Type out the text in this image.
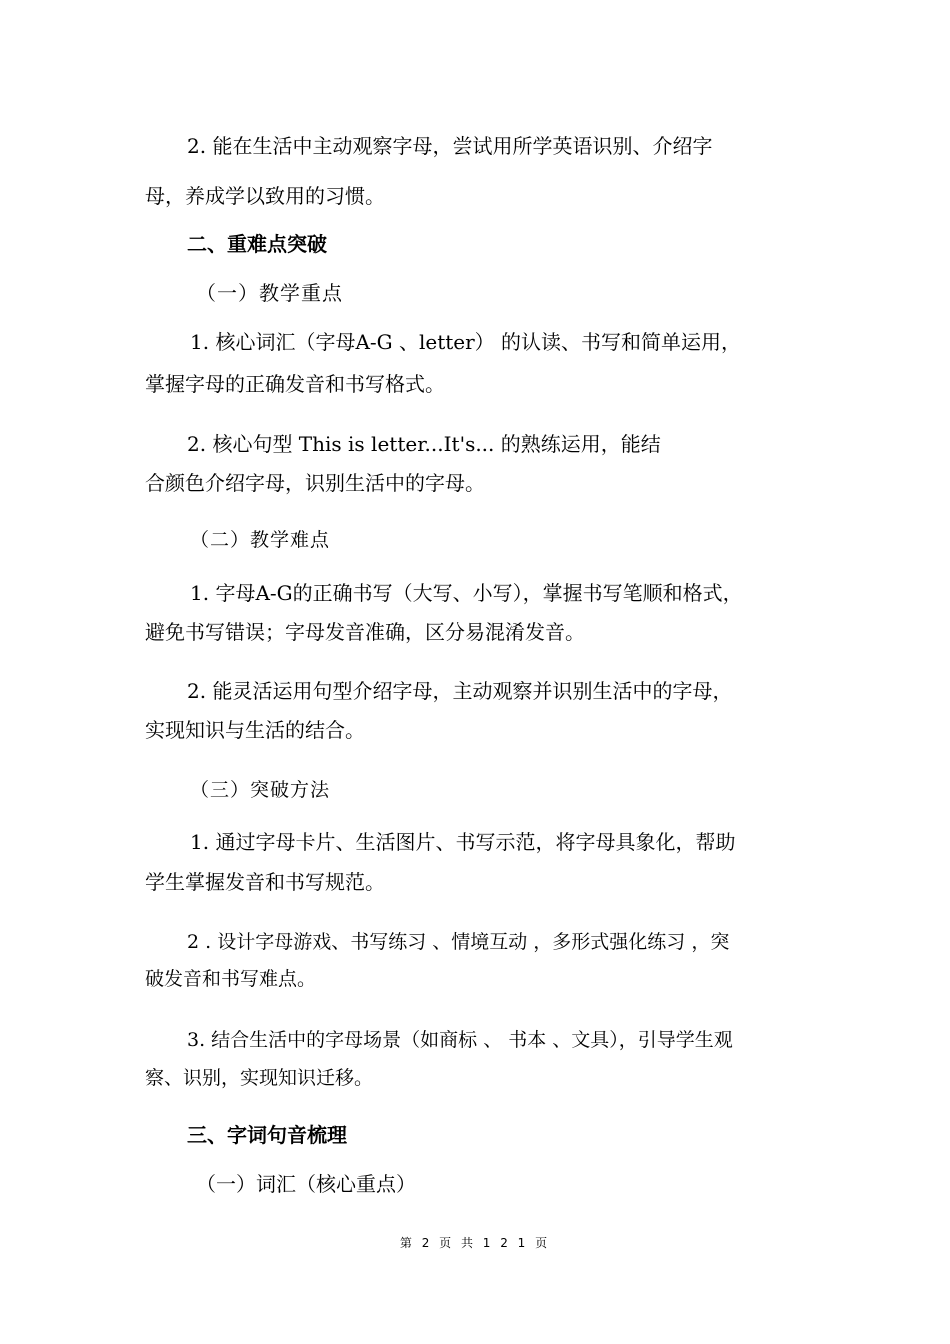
2. 能在生活中主动观察字母，尝试用所学英语识别、介绍字

母，养成学以致用的习惯。

二、重难点突破

（一）教学重点

1. 核心词汇（字母A-G 、letter） 的认读、书写和简单运用，

掌握字母的正确发音和书写格式。

2. 核心句型 This is letter...It's... 的熟练运用，能结

合颜色介绍字母，识别生活中的字母。

（二）教学难点

1. 字母A-G的正确书写（大写、小写），掌握书写笔顺和格式，

避免书写错误；字母发音准确，区分易混淆发音。

2. 能灵活运用句型介绍字母，主动观察并识别生活中的字母，

实现知识与生活的结合。

（三）突破方法

1. 通过字母卡片、生活图片、书写示范，将字母具象化，帮助

学生掌握发音和书写规范。

2 . 设计字母游戏、书写练习 、情境互动 ，多形式强化练习 ，突

破发音和书写难点。

3. 结合生活中的字母场景（如商标 、 书本 、文具），引导学生观

察、识别，实现知识迁移。

三、字词句音梳理

（一）词汇（核心重点）

第 2 页 共 1 2 1 页
